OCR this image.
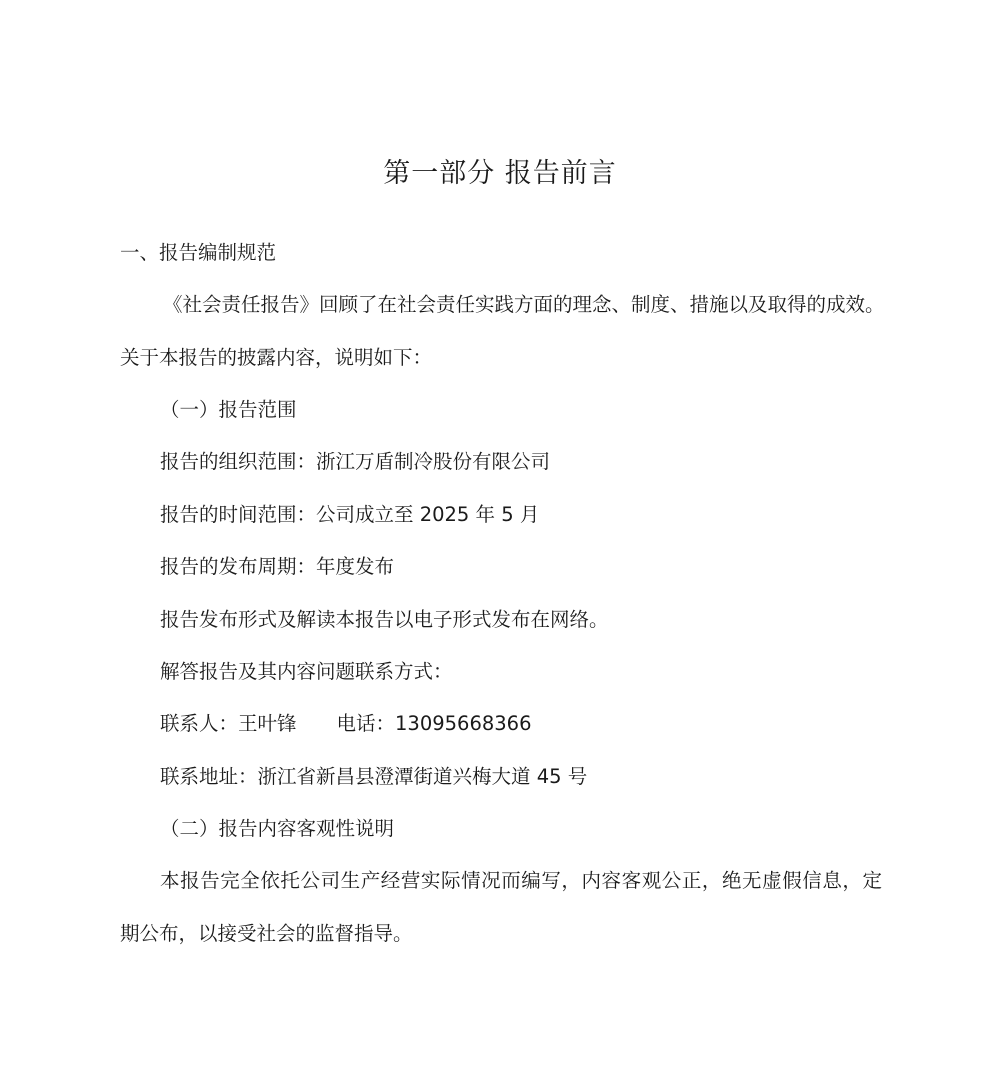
第一部分 报告前言
一、报告编制规范
《社会责任报告》回顾了在社会责任实践方面的理念、制度、措施以及取得的成效。
关于本报告的披露内容，说明如下：
（一）报告范围
报告的组织范围：浙江万盾制冷股份有限公司
报告的时间范围：公司成立至 2025 年 5 月
报告的发布周期：年度发布
报告发布形式及解读本报告以电子形式发布在网络。
解答报告及其内容问题联系方式：
联系人：王叶锋 电话：13095668366
联系地址：浙江省新昌县澄潭街道兴梅大道 45 号
（二）报告内容客观性说明
本报告完全依托公司生产经营实际情况而编写，内容客观公正，绝无虚假信息，定
期公布，以接受社会的监督指导。
